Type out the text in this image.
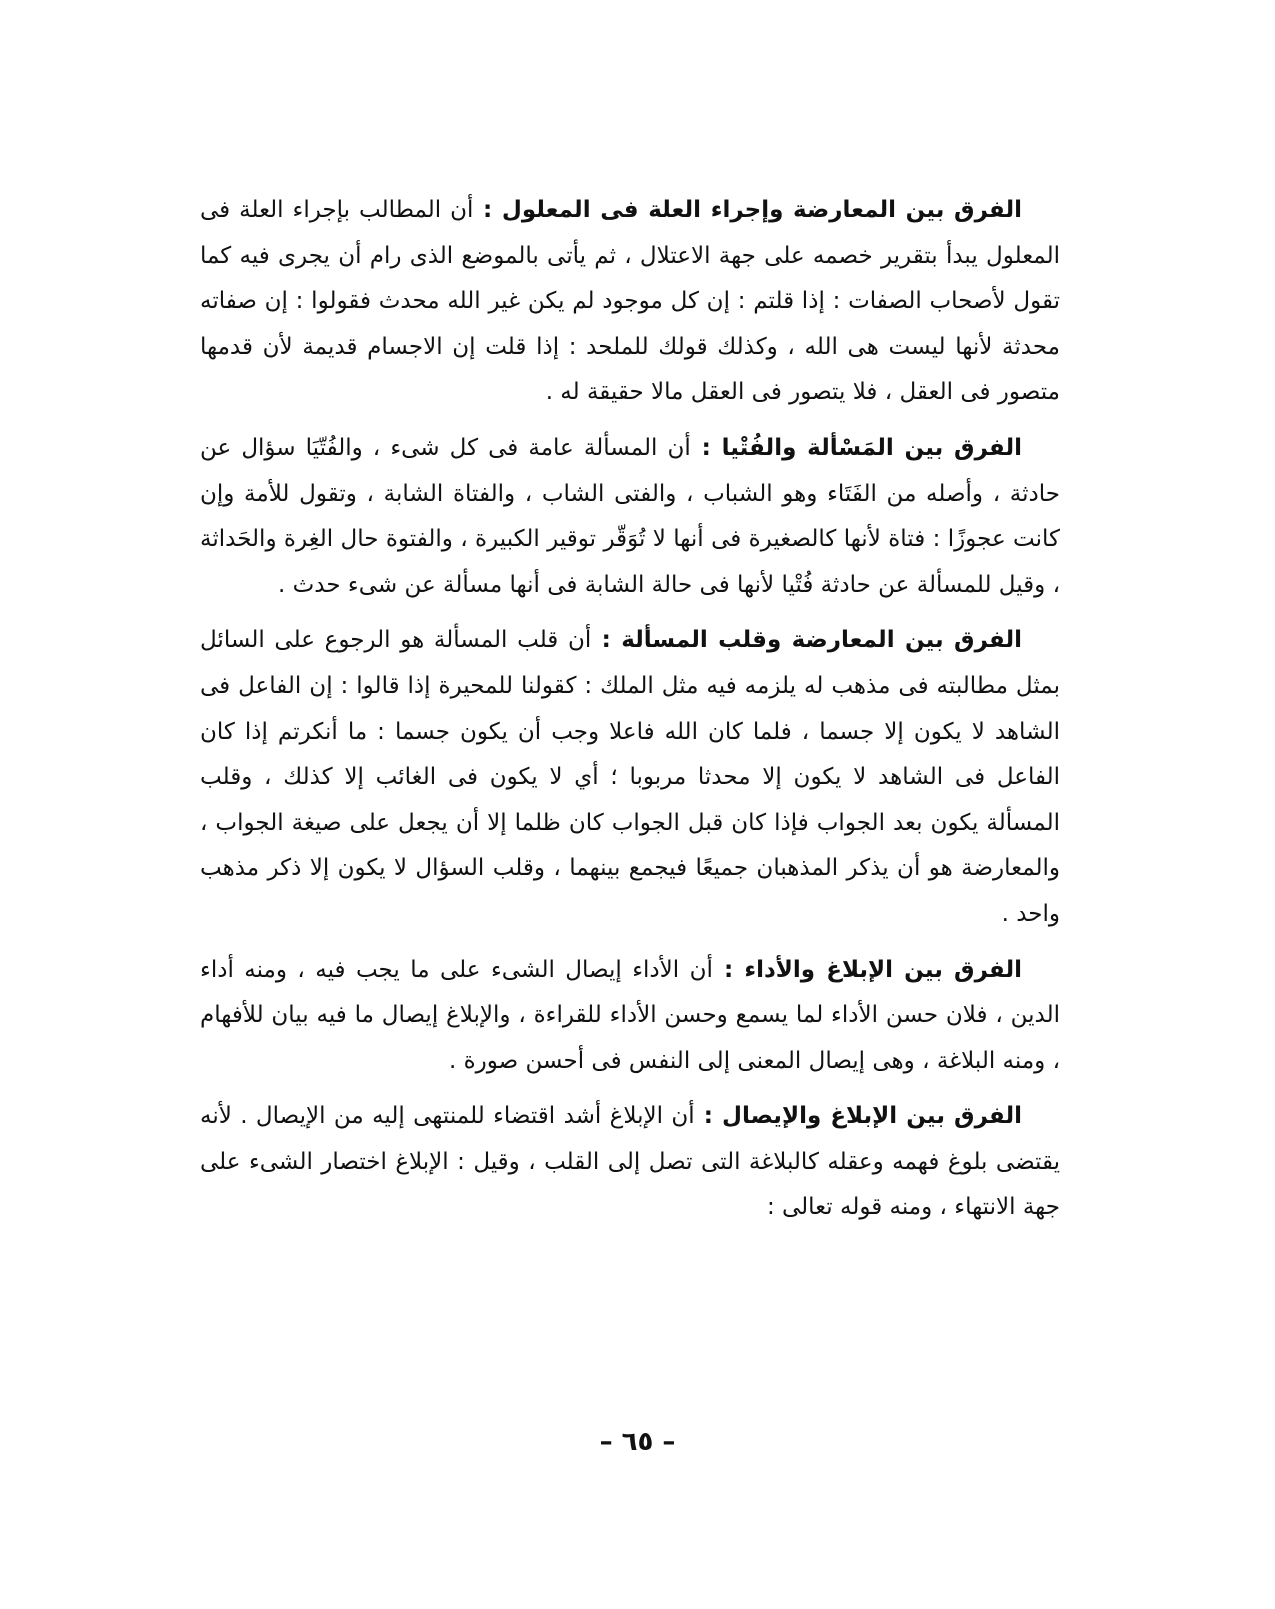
الفرق بين المعارضة وإجراء العلة فى المعلول : أن المطالب بإجراء العلة فى المعلول يبدأ بتقرير خصمه على جهة الاعتلال ، ثم يأتى بالموضع الذى رام أن يجرى فيه كما تقول لأصحاب الصفات : إذا قلتم : إن كل موجود لم يكن غير الله محدث فقولوا : إن صفاته محدثة لأنها ليست هى الله ، وكذلك قولك للملحد : إذا قلت إن الاجسام قديمة لأن قدمها متصور فى العقل ، فلا يتصور فى العقل مالا حقيقة له .

الفرق بين المَسْألة والفُتْيا : أن المسألة عامة فى كل شىء ، والفُتّيَا سؤال عن حادثة ، وأصله من الفَتَاء وهو الشباب ، والفتى الشاب ، والفتاة الشابة ، وتقول للأمة وإن كانت عجوزًا : فتاة لأنها كالصغيرة فى أنها لا تُوَقّر توقير الكبيرة ، والفتوة حال الغِرة والحَداثة ، وقيل للمسألة عن حادثة فُتْيا لأنها فى حالة الشابة فى أنها مسألة عن شىء حدث .

الفرق بين المعارضة وقلب المسألة : أن قلب المسألة هو الرجوع على السائل بمثل مطالبته فى مذهب له يلزمه فيه مثل الملك : كقولنا للمحيرة إذا قالوا : إن الفاعل فى الشاهد لا يكون إلا جسما ، فلما كان الله فاعلا وجب أن يكون جسما : ما أنكرتم إذا كان الفاعل فى الشاهد لا يكون إلا محدثا مربوبا ؛ أي لا يكون فى الغائب إلا كذلك ، وقلب المسألة يكون بعد الجواب فإذا كان قبل الجواب كان ظلما إلا أن يجعل على صيغة الجواب ، والمعارضة هو أن يذكر المذهبان جميعًا فيجمع بينهما ، وقلب السؤال لا يكون إلا ذكر مذهب واحد .

الفرق بين الإبلاغ والأداء : أن الأداء إيصال الشىء على ما يجب فيه ، ومنه أداء الدين ، فلان حسن الأداء لما يسمع وحسن الأداء للقراءة ، والإبلاغ إيصال ما فيه بيان للأفهام ، ومنه البلاغة ، وهى إيصال المعنى إلى النفس فى أحسن صورة .

الفرق بين الإبلاغ والإيصال : أن الإبلاغ أشد اقتضاء للمنتهى إليه من الإيصال . لأنه يقتضى بلوغ فهمه وعقله كالبلاغة التى تصل إلى القلب ، وقيل : الإبلاغ اختصار الشىء على جهة الانتهاء ، ومنه قوله تعالى :

– ٦٥ –
